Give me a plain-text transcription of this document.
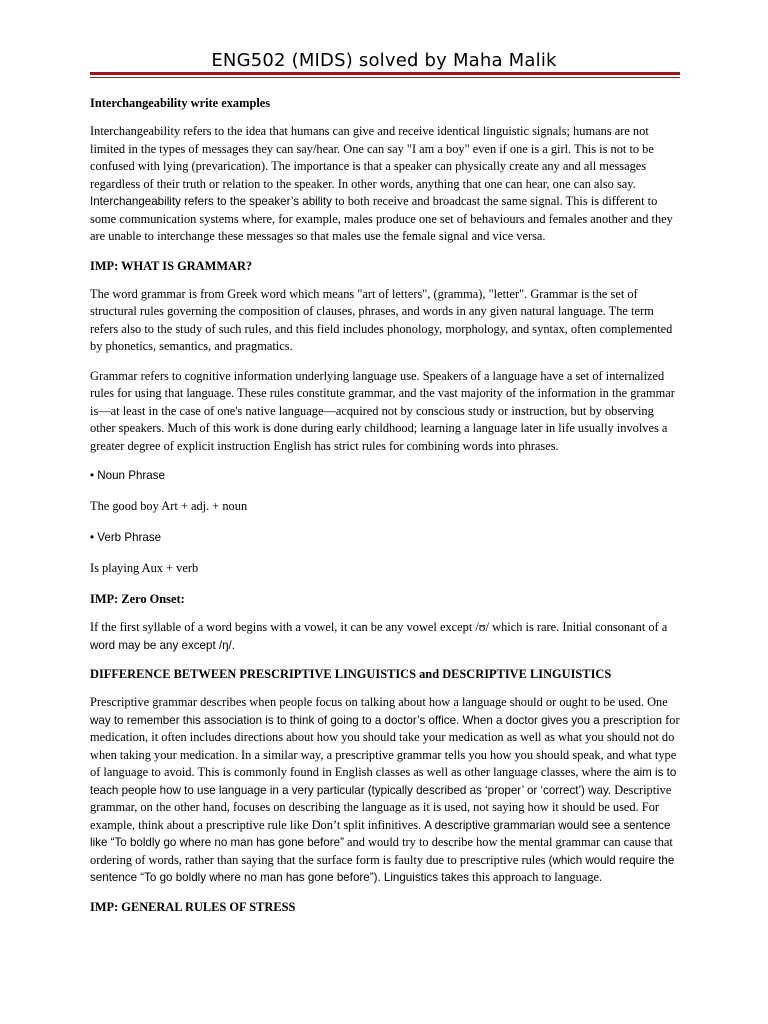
ENG502 (MIDS) solved by Maha Malik
Interchangeability write examples

Interchangeability refers to the idea that humans can give and receive identical linguistic signals; humans are not limited in the types of messages they can say/hear. One can say "I am a boy" even if one is a girl. This is not to be confused with lying (prevarication). The importance is that a speaker can physically create any and all messages regardless of their truth or relation to the speaker. In other words, anything that one can hear, one can also say. Interchangeability refers to the speaker’s ability to both receive and broadcast the same signal. This is different to some communication systems where, for example, males produce one set of behaviours and females another and they are unable to interchange these messages so that males use the female signal and vice versa.

IMP: WHAT IS GRAMMAR?

The word grammar is from Greek word which means "art of letters", (gramma), "letter". Grammar is the set of structural rules governing the composition of clauses, phrases, and words in any given natural language. The term refers also to the study of such rules, and this field includes phonology, morphology, and syntax, often complemented by phonetics, semantics, and pragmatics.

Grammar refers to cognitive information underlying language use. Speakers of a language have a set of internalized rules for using that language. These rules constitute grammar, and the vast majority of the information in the grammar is—at least in the case of one's native language—acquired not by conscious study or instruction, but by observing other speakers. Much of this work is done during early childhood; learning a language later in life usually involves a greater degree of explicit instruction English has strict rules for combining words into phrases.

• Noun Phrase
The good boy Art + adj. + noun
• Verb Phrase
Is playing Aux + verb
IMP: Zero Onset:

If the first syllable of a word begins with a vowel, it can be any vowel except /ʊ/ which is rare. Initial consonant of a word may be any except /ŋ/.

DIFFERENCE BETWEEN PRESCRIPTIVE LINGUISTICS and DESCRIPTIVE LINGUISTICS

Prescriptive grammar describes when people focus on talking about how a language should or ought to be used. One way to remember this association is to think of going to a doctor’s office. When a doctor gives you a prescription for medication, it often includes directions about how you should take your medication as well as what you should not do when taking your medication. In a similar way, a prescriptive grammar tells you how you should speak, and what type of language to avoid. This is commonly found in English classes as well as other language classes, where the aim is to teach people how to use language in a very particular (typically described as ‘proper’ or ‘correct’) way. Descriptive grammar, on the other hand, focuses on describing the language as it is used, not saying how it should be used. For example, think about a prescriptive rule like Don’t split infinitives. A descriptive grammarian would see a sentence like “To boldly go where no man has gone before” and would try to describe how the mental grammar can cause that ordering of words, rather than saying that the surface form is faulty due to prescriptive rules (which would require the sentence “To go boldly where no man has gone before”). Linguistics takes this approach to language.

IMP: GENERAL RULES OF STRESS
